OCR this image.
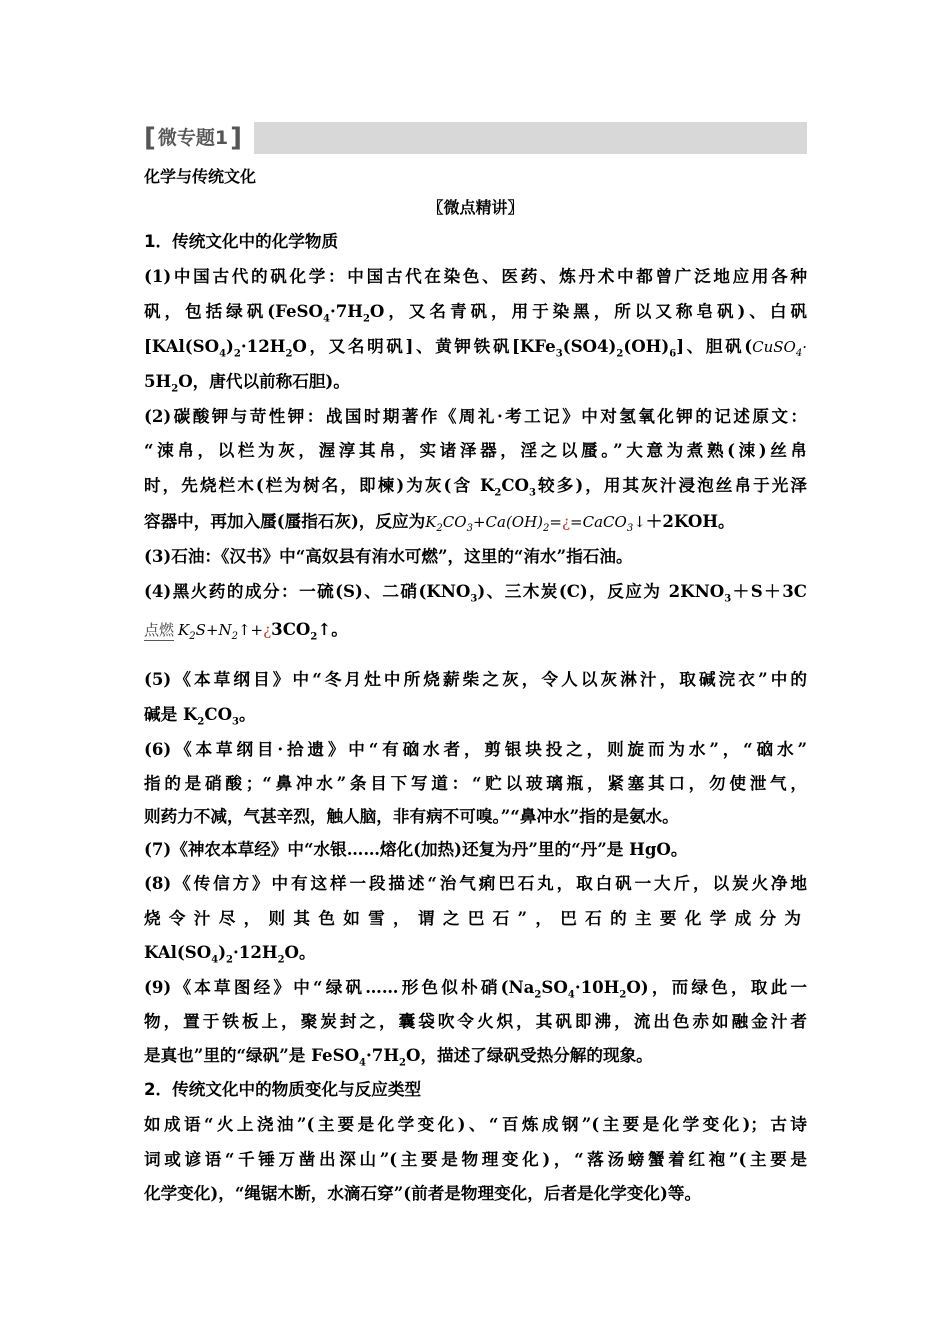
[ 微专题1 ]
化学与传统文化
〖微点精讲〗
1．传统文化中的化学物质
(1)中国古代的矾化学：中国古代在染色、医药、炼丹术中都曾广泛地应用各种
矾，包括绿矾($FeSO_4\cdot 7H_2O$，又名青矾，用于染黑，所以又称皂矾)、白矾
[$KAl(SO_4)_2\cdot 12H_2O$，又名明矾]、黄钾铁矾$[KFe_3(SO4)_2(OH)_6]$、胆矾(CuSO$_4$·
$5H_2O$，唐代以前称石胆)。
(2)碳酸钾与苛性钾：战国时期著作《周礼·考工记》中对氢氧化钾的记述原文：
“涑帛，以栏为灰，渥淳其帛，实诸泽器，淫之以蜃。”大意为煮熟(涑)丝帛
时，先烧栏木(栏为树名，即楝)为灰(含 $K_2CO_3$较多)，用其灰汁浸泡丝帛于光泽
容器中，再加入蜃(蜃指石灰)，反应为$K_2CO_3+Ca(OH)_2=¿=CaCO_3↓+2KOH$。
(3)石油：《汉书》中“高奴县有洧水可燃”，这里的“洧水”指石油。
(4)黑火药的成分：一硫(S)、二硝$(KNO_3)$、三木炭(C)，反应为 $2KNO_3+S+3C$
点燃 $K_2S+N_2↑+¿3CO_2↑$。
(5)《本草纲目》中“冬月灶中所烧薪柴之灰，令人以灰淋汁，取碱浣衣”中的
碱是 $K_2CO_3$。
(6)《本草纲目·拾遗》中“有硇水者，剪银块投之，则旋而为水”，“硇水”
指的是硝酸；“鼻冲水”条目下写道：“贮以玻璃瓶，紧塞其口，勿使泄气，
则药力不减，气甚辛烈，触人脑，非有病不可嗅。”“鼻冲水”指的是氨水。
(7)《神农本草经》中“水银……熔化(加热)还复为丹”里的“丹”是 HgO。
(8)《传信方》中有这样一段描述“治气痢巴石丸，取白矾一大斤，以炭火净地
烧令汁尽，则其色如雪，谓之巴石”，巴石的主要化学成分为
$KAl(SO_4)_2\cdot 12H_2O$。
(9)《本草图经》中“绿矾……形色似朴硝$(Na_2SO_4\cdot 10H_2O)$，而绿色，取此一
物，置于铁板上，聚炭封之，囊袋吹令火炽，其矾即沸，流出色赤如融金汁者
是真也”里的“绿矾”是 $FeSO_4\cdot 7H_2O$，描述了绿矾受热分解的现象。
2．传统文化中的物质变化与反应类型
如成语“火上浇油”(主要是化学变化)、“百炼成钢”(主要是化学变化)；古诗
词或谚语“千锤万凿出深山”(主要是物理变化)，“落汤螃蟹着红袍”(主要是
化学变化)，“绳锯木断，水滴石穿”(前者是物理变化，后者是化学变化)等。
